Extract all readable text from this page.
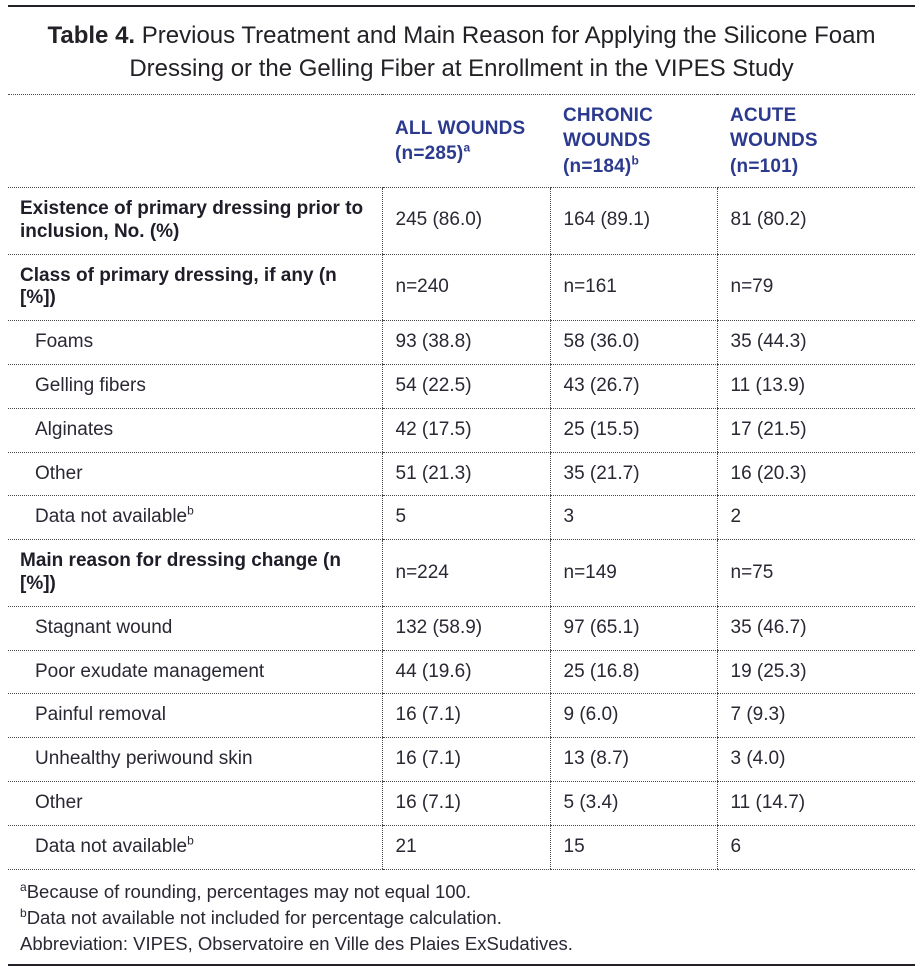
Table 4. Previous Treatment and Main Reason for Applying the Silicone Foam Dressing or the Gelling Fiber at Enrollment in the VIPES Study
	ALL WOUNDS (n=285)$^a$	CHRONIC WOUNDS (n=184)$^b$	ACUTE WOUNDS
(n=101)
Existence of primary dressing prior to inclusion, No. (%)	245 (86.0)	164 (89.1)	81 (80.2)
Class of primary dressing, if any (n [%])	n=240	n=161	n=79
Foams	93 (38.8)	58 (36.0)	35 (44.3)
Gelling fibers	54 (22.5)	43 (26.7)	11 (13.9)
Alginates	42 (17.5)	25 (15.5)	17 (21.5)
Other	51 (21.3)	35 (21.7)	16 (20.3)
Data not available$^b$	5	3	2
Main reason for dressing change (n [%])	n=224	n=149	n=75
Stagnant wound	132 (58.9)	97 (65.1)	35 (46.7)
Poor exudate management	44 (19.6)	25 (16.8)	19 (25.3)
Painful removal	16 (7.1)	9 (6.0)	7 (9.3)
Unhealthy periwound skin	16 (7.1)	13 (8.7)	3 (4.0)
Other	16 (7.1)	5 (3.4)	11 (14.7)
Data not available$^b$	21	15	6

$^a$Because of rounding, percentages may not equal 100.

$^b$Data not available not included for percentage calculation.

Abbreviation: VIPES, Observatoire en Ville des Plaies ExSudatives.
